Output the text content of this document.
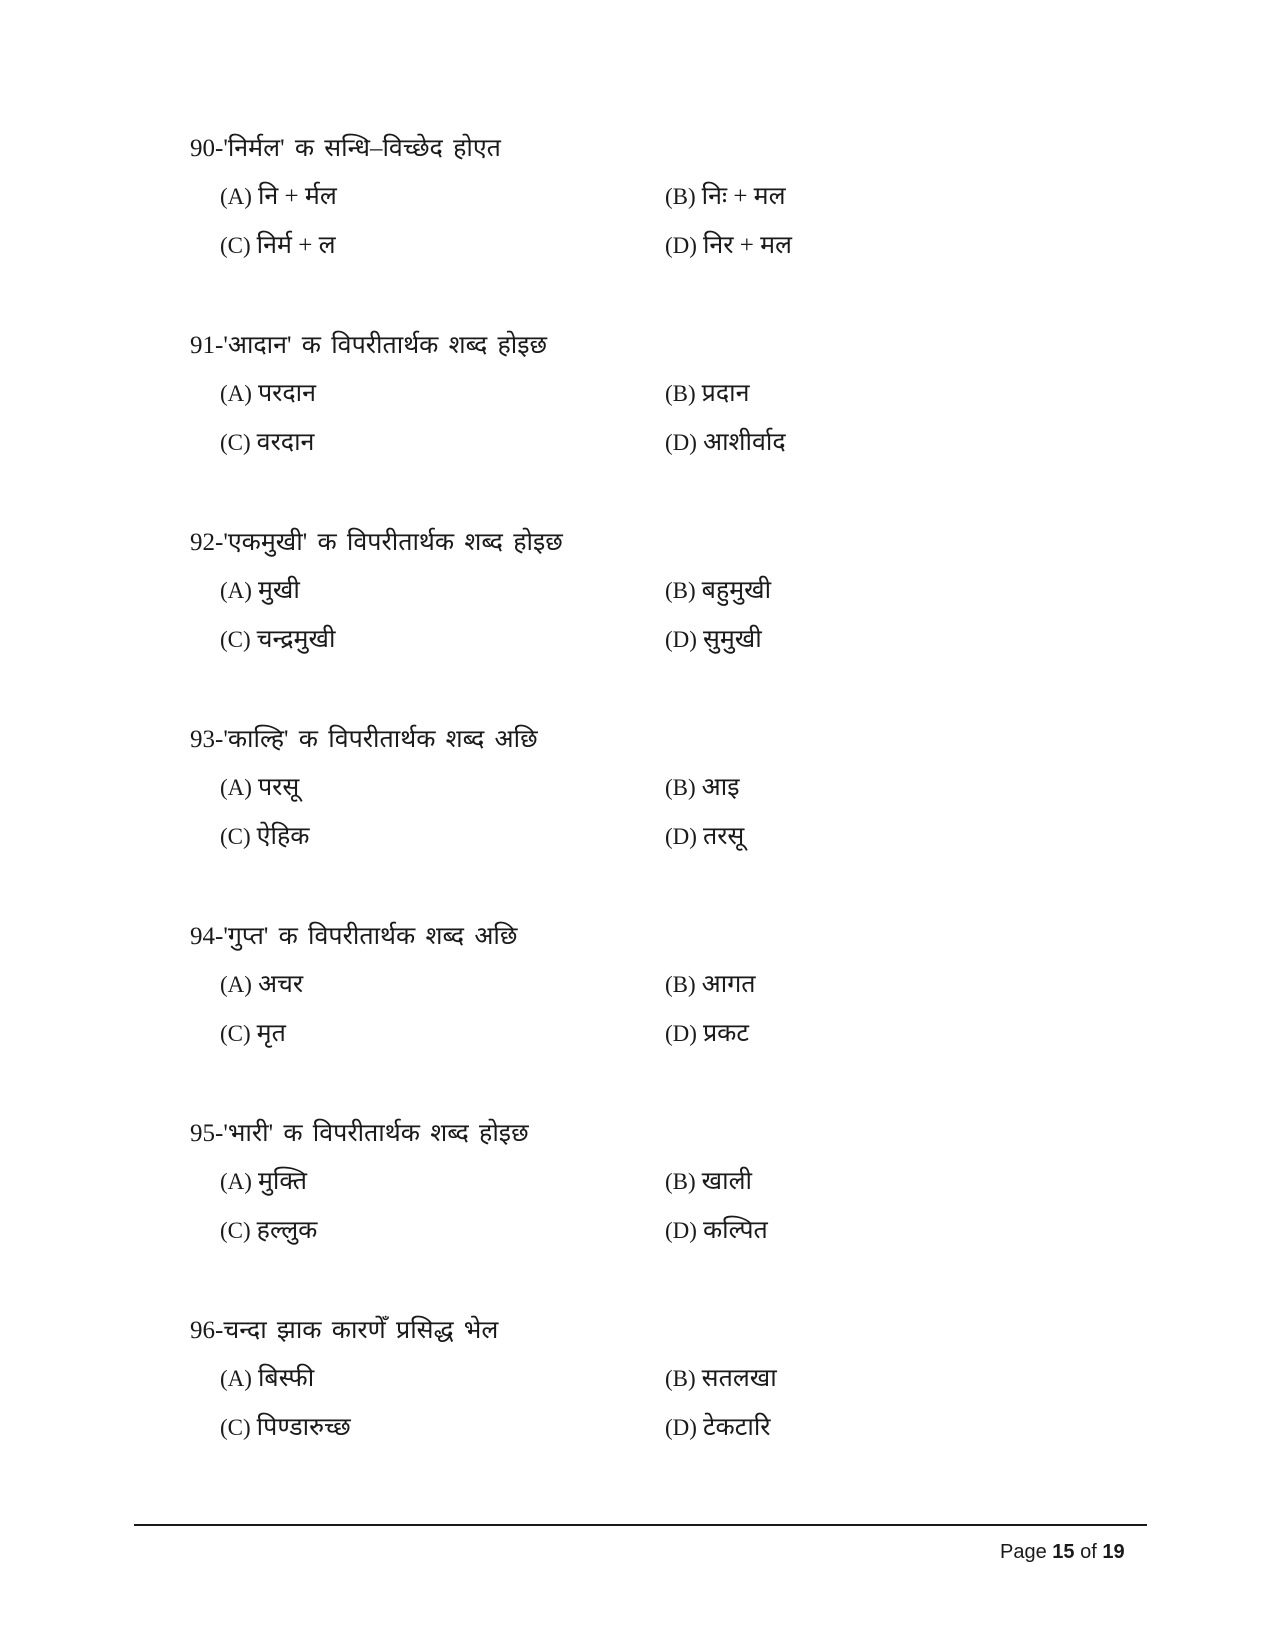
90-'निर्मल' क सन्धि–विच्छेद होएत
(A) नि + र्मल	(B) निः + मल
(C) निर्म + ल	(D) निर + मल
91-'आदान' क विपरीतार्थक शब्द होइछ
(A) परदान	(B) प्रदान
(C) वरदान	(D) आशीर्वाद
92-'एकमुखी' क विपरीतार्थक शब्द होइछ
(A) मुखी	(B) बहुमुखी
(C) चन्द्रमुखी	(D) सुमुखी
93-'काल्हि' क विपरीतार्थक शब्द अछि
(A) परसू	(B) आइ
(C) ऐहिक	(D) तरसू
94-'गुप्त' क विपरीतार्थक शब्द अछि
(A) अचर	(B) आगत
(C) मृत	(D) प्रकट
95-'भारी' क विपरीतार्थक शब्द होइछ
(A) मुक्ति	(B) खाली
(C) हल्लुक	(D) कल्पित
96-चन्दा झाक कारणेँ प्रसिद्ध भेल
(A) बिस्फी	(B) सतलखा
(C) पिण्डारुच्छ	(D) टेकटारि
Page 15 of 19
